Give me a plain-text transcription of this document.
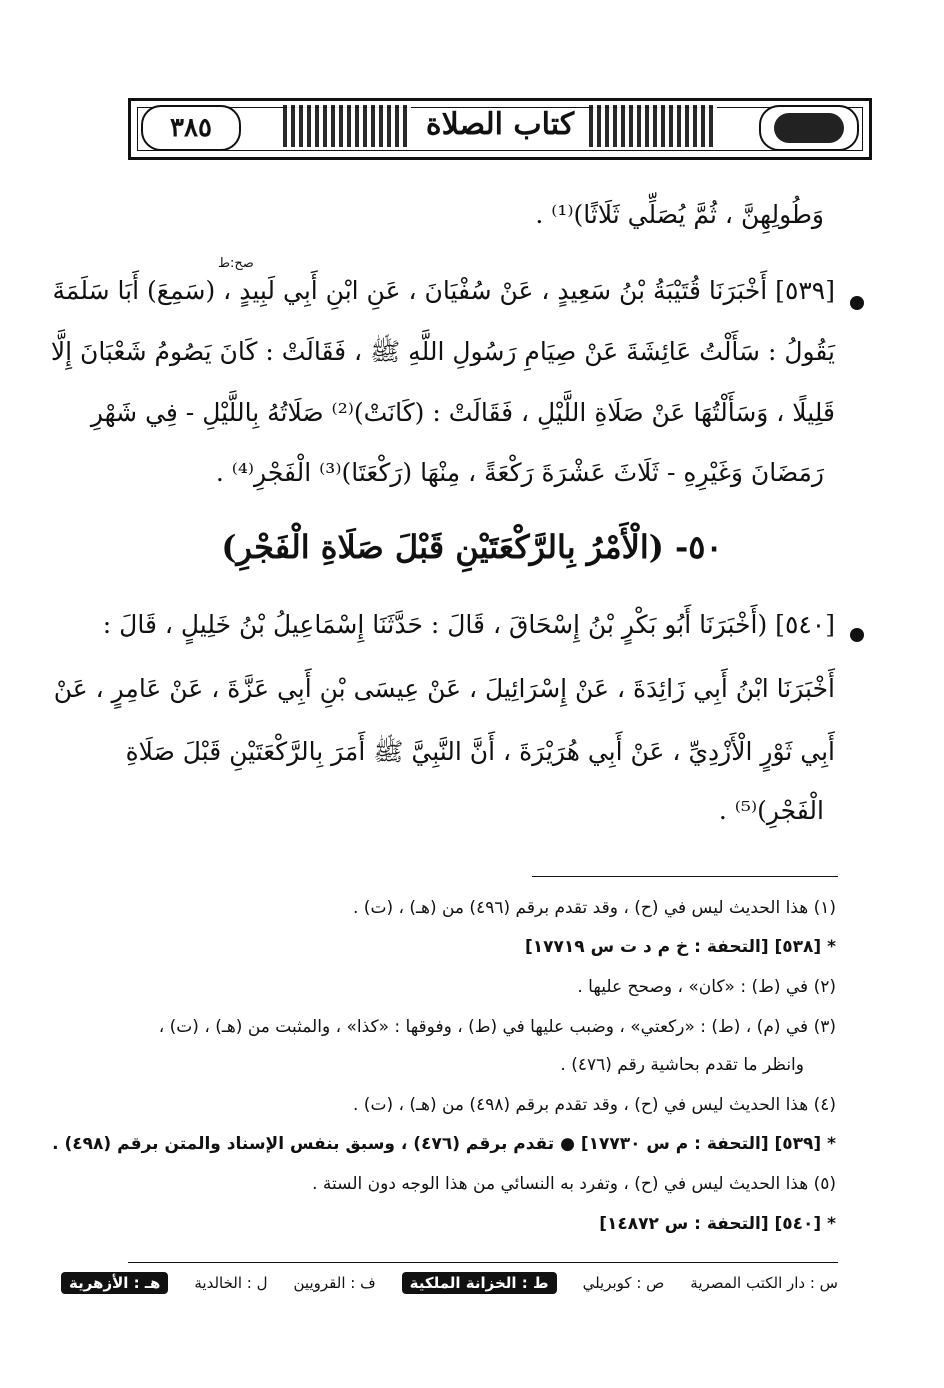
٣٨٥	كتاب الصلاة
وَطُولِهِنَّ ، ثُمَّ يُصَلِّي ثَلَاثًا)⁽¹⁾ .
صح:ط
[٥٣٩] أَخْبَرَنَا قُتَيْبَةُ بْنُ سَعِيدٍ ، عَنْ سُفْيَانَ ، عَنِ ابْنِ أَبِي لَبِيدٍ ، (سَمِعَ) أَبَا سَلَمَةَ
يَقُولُ : سَأَلْتُ عَائِشَةَ عَنْ صِيَامِ رَسُولِ اللَّهِ ﷺ ، فَقَالَتْ : كَانَ يَصُومُ شَعْبَانَ إِلَّا
قَلِيلًا ، وَسَأَلْتُهَا عَنْ صَلَاةِ اللَّيْلِ ، فَقَالَتْ : (كَانَتْ)⁽²⁾ صَلَاتُهُ بِاللَّيْلِ - فِي شَهْرِ
رَمَضَانَ وَغَيْرِهِ - ثَلَاثَ عَشْرَةَ رَكْعَةً ، مِنْهَا (رَكْعَتَا)⁽³⁾ الْفَجْرِ⁽⁴⁾ .
٥٠- (الْأَمْرُ بِالرَّكْعَتَيْنِ قَبْلَ صَلَاةِ الْفَجْرِ)
[٥٤٠] (أَخْبَرَنَا أَبُو بَكْرٍ بْنُ إِسْحَاقَ ، قَالَ : حَدَّثَنَا إِسْمَاعِيلُ بْنُ خَلِيلٍ ، قَالَ :
أَخْبَرَنَا ابْنُ أَبِي زَائِدَةَ ، عَنْ إِسْرَائِيلَ ، عَنْ عِيسَى بْنِ أَبِي عَزَّةَ ، عَنْ عَامِرٍ ، عَنْ
أَبِي ثَوْرٍ الْأَزْدِيِّ ، عَنْ أَبِي هُرَيْرَةَ ، أَنَّ النَّبِيَّ ﷺ أَمَرَ بِالرَّكْعَتَيْنِ قَبْلَ صَلَاةِ
الْفَجْرِ)⁽⁵⁾ .
(١) هذا الحديث ليس في (ح) ، وقد تقدم برقم (٤٩٦) من (هـ) ، (ت) .
* [٥٣٨] [التحفة : خ م د ت س ١٧٧١٩]
(٢) في (ط) : «كان» ، وصحح عليها .
(٣) في (م) ، (ط) : «ركعتي» ، وضبب عليها في (ط) ، وفوقها : «كذا» ، والمثبت من (هـ) ، (ت) ،
وانظر ما تقدم بحاشية رقم (٤٧٦) .
(٤) هذا الحديث ليس في (ح) ، وقد تقدم برقم (٤٩٨) من (هـ) ، (ت) .
* [٥٣٩] [التحفة : م س ١٧٧٣٠] ● تقدم برقم (٤٧٦) ، وسبق بنفس الإسناد والمتن برقم (٤٩٨) .
(٥) هذا الحديث ليس في (ح) ، وتفرد به النسائي من هذا الوجه دون الستة .
* [٥٤٠] [التحفة : س ١٤٨٧٢]
س : دار الكتب المصرية
ص : كوبريلي
ط : الخزانة الملكية
ف : القرويين
ل : الخالدية
هـ : الأزهرية
